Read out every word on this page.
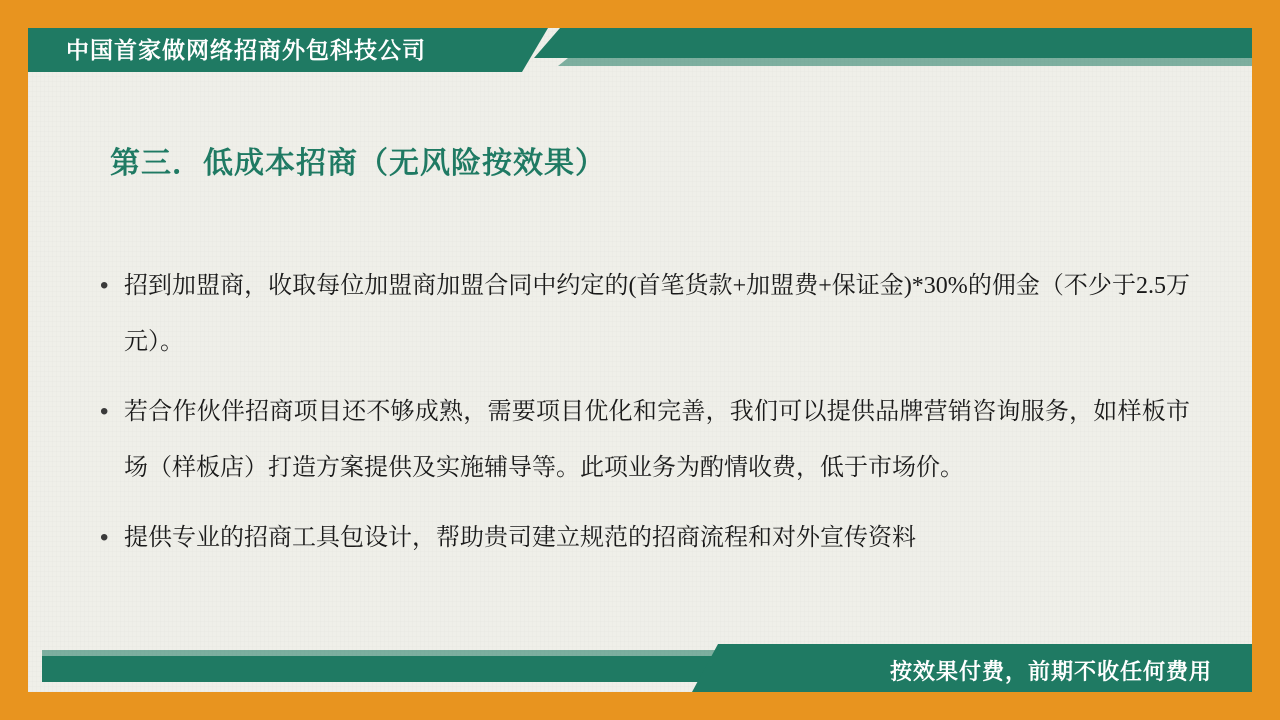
中国首家做网络招商外包科技公司
第三．低成本招商（无风险按效果）
• 招到加盟商，收取每位加盟商加盟合同中约定的(首笔货款+加盟费+保证金)*30%的佣金（不少于2.5万元）。
• 若合作伙伴招商项目还不够成熟，需要项目优化和完善，我们可以提供品牌营销咨询服务，如样板市场（样板店）打造方案提供及实施辅导等。此项业务为酌情收费，低于市场价。
• 提供专业的招商工具包设计，帮助贵司建立规范的招商流程和对外宣传资料
按效果付费，前期不收任何费用
